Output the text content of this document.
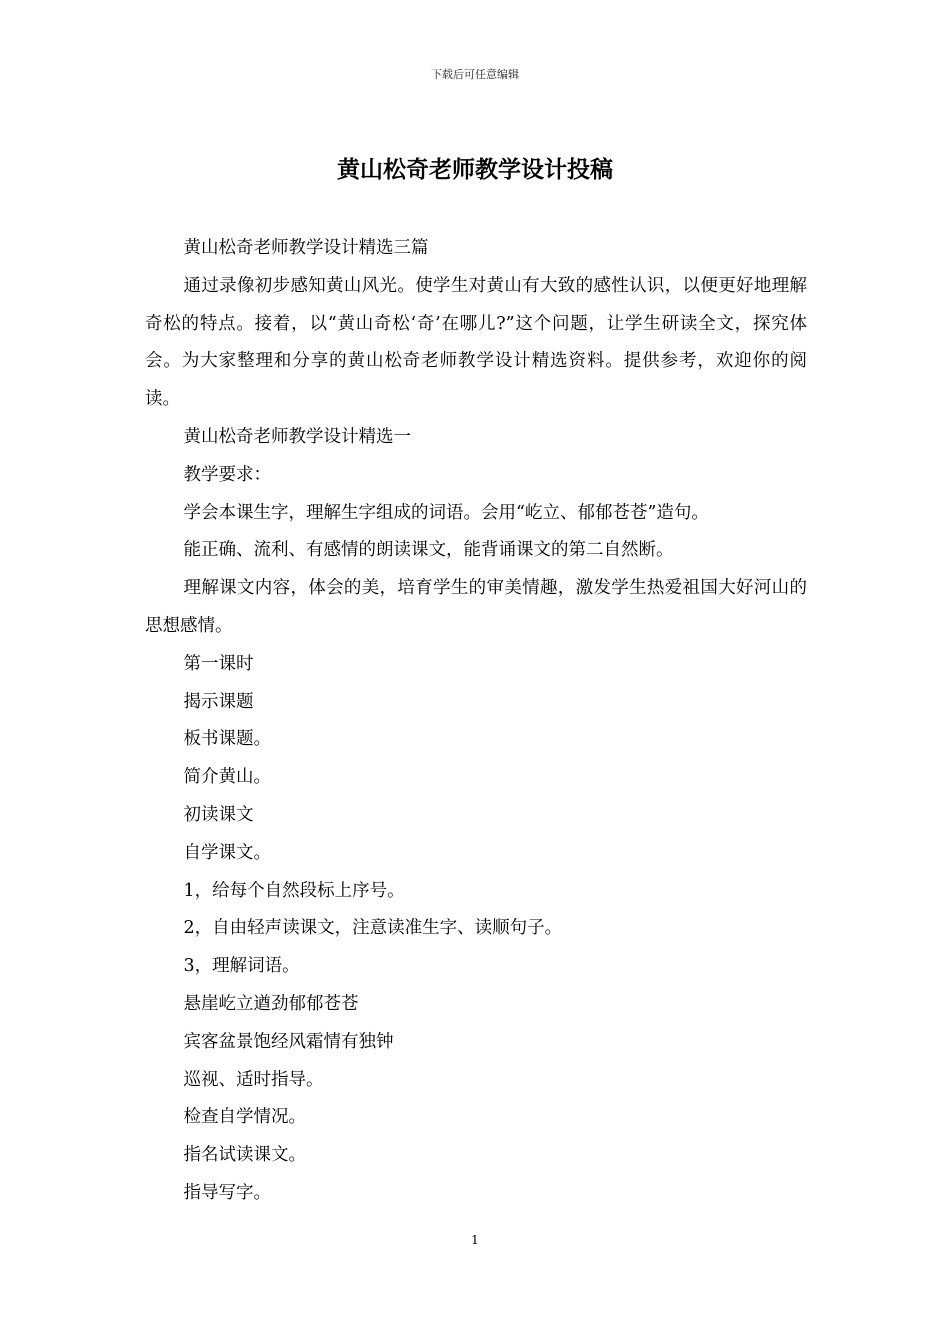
下载后可任意编辑
黄山松奇老师教学设计投稿

黄山松奇老师教学设计精选三篇

通过录像初步感知黄山风光。使学生对黄山有大致的感性认识，以便更好地理解奇松的特点。接着，以“黄山奇松‘奇’在哪儿?”这个问题，让学生研读全文，探究体会。为大家整理和分享的黄山松奇老师教学设计精选资料。提供参考，欢迎你的阅读。

黄山松奇老师教学设计精选一

教学要求：

学会本课生字，理解生字组成的词语。会用“屹立、郁郁苍苍”造句。

能正确、流利、有感情的朗读课文，能背诵课文的第二自然断。

理解课文内容，体会的美，培育学生的审美情趣，激发学生热爱祖国大好河山的思想感情。

第一课时

揭示课题

板书课题。

简介黄山。

初读课文

自学课文。

1，给每个自然段标上序号。

2，自由轻声读课文，注意读准生字、读顺句子。

3，理解词语。

悬崖屹立遒劲郁郁苍苍

宾客盆景饱经风霜情有独钟

巡视、适时指导。

检查自学情况。

指名试读课文。

指导写字。

1
